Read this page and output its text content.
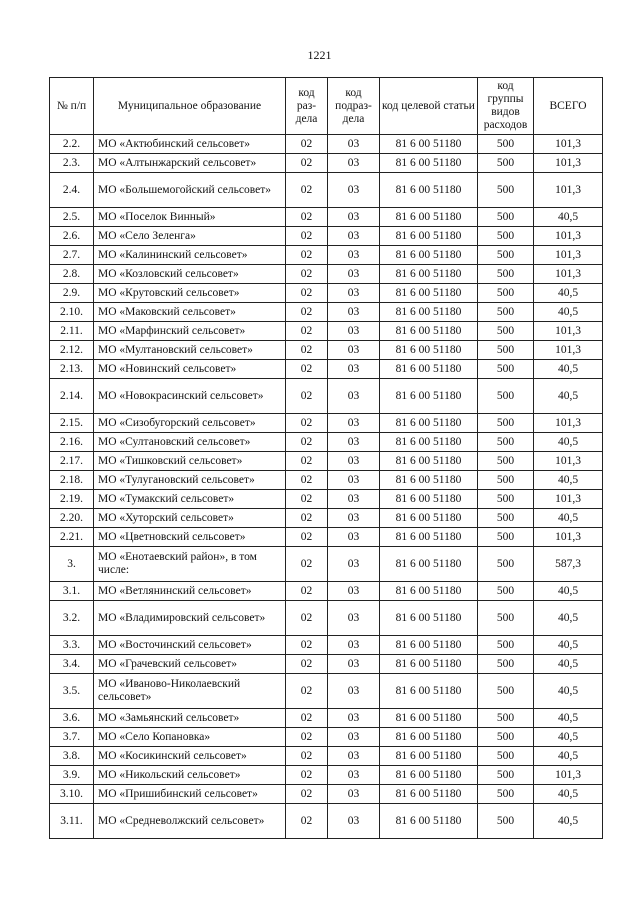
1221
№ п/п	Муниципальное образование	код раз-дела	код подраз-дела	код целевой статьи	код группы видов расходов	ВСЕГО
2.2.	МО «Актюбинский сельсовет»	02	03	81 6 00 51180	500	101,3
2.3.	МО «Алтынжарский сельсовет»	02	03	81 6 00 51180	500	101,3
2.4.	МО «Большемогойский сельсовет»	02	03	81 6 00 51180	500	101,3
2.5.	МО «Поселок Винный»	02	03	81 6 00 51180	500	40,5
2.6.	МО «Село Зеленга»	02	03	81 6 00 51180	500	101,3
2.7.	МО «Калининский сельсовет»	02	03	81 6 00 51180	500	101,3
2.8.	МО «Козловский сельсовет»	02	03	81 6 00 51180	500	101,3
2.9.	МО «Крутовский сельсовет»	02	03	81 6 00 51180	500	40,5
2.10.	МО «Маковский сельсовет»	02	03	81 6 00 51180	500	40,5
2.11.	МО «Марфинский сельсовет»	02	03	81 6 00 51180	500	101,3
2.12.	МО «Мултановский сельсовет»	02	03	81 6 00 51180	500	101,3
2.13.	МО «Новинский сельсовет»	02	03	81 6 00 51180	500	40,5
2.14.	МО «Новокрасинский сельсовет»	02	03	81 6 00 51180	500	40,5
2.15.	МО «Сизобугорский сельсовет»	02	03	81 6 00 51180	500	101,3
2.16.	МО «Султановский сельсовет»	02	03	81 6 00 51180	500	40,5
2.17.	МО «Тишковский сельсовет»	02	03	81 6 00 51180	500	101,3
2.18.	МО «Тулугановский сельсовет»	02	03	81 6 00 51180	500	40,5
2.19.	МО «Тумакский сельсовет»	02	03	81 6 00 51180	500	101,3
2.20.	МО «Хуторский сельсовет»	02	03	81 6 00 51180	500	40,5
2.21.	МО «Цветновский сельсовет»	02	03	81 6 00 51180	500	101,3
3.	МО «Енотаевский район», в том числе:	02	03	81 6 00 51180	500	587,3
3.1.	МО «Ветлянинский сельсовет»	02	03	81 6 00 51180	500	40,5
3.2.	МО «Владимировский сельсовет»	02	03	81 6 00 51180	500	40,5
3.3.	МО «Восточинский сельсовет»	02	03	81 6 00 51180	500	40,5
3.4.	МО «Грачевский сельсовет»	02	03	81 6 00 51180	500	40,5
3.5.	МО «Ивановo-Николаевский сельсовет»	02	03	81 6 00 51180	500	40,5
3.6.	МО «Замьянский сельсовет»	02	03	81 6 00 51180	500	40,5
3.7.	МО «Село Копановка»	02	03	81 6 00 51180	500	40,5
3.8.	МО «Косикинский сельсовет»	02	03	81 6 00 51180	500	40,5
3.9.	МО «Никольский сельсовет»	02	03	81 6 00 51180	500	101,3
3.10.	МО «Пришибинский сельсовет»	02	03	81 6 00 51180	500	40,5
3.11.	МО «Средневолжский сельсовет»	02	03	81 6 00 51180	500	40,5
